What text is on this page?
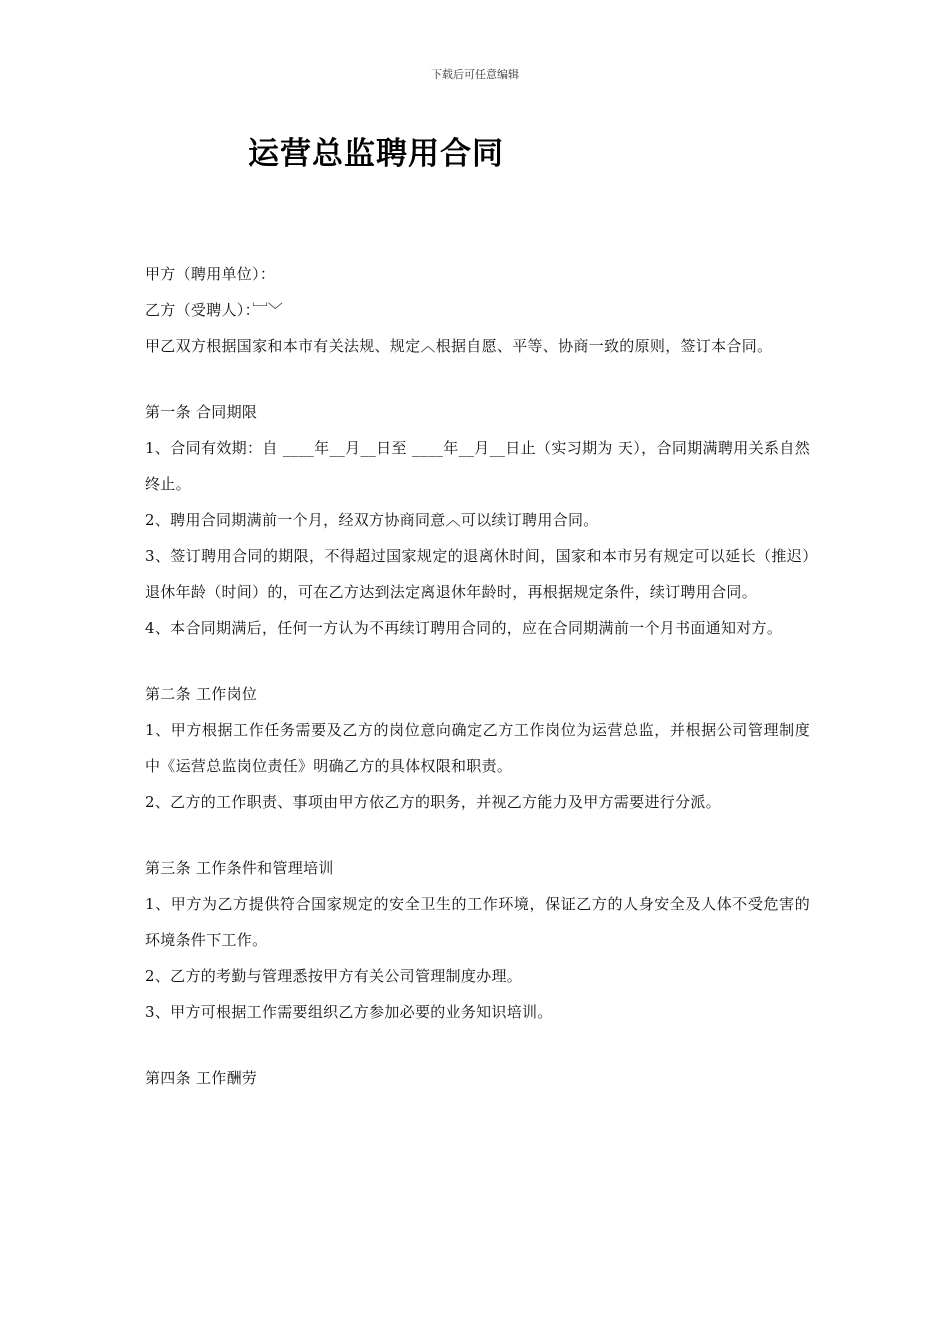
下载后可任意编辑
运营总监聘用合同
甲方（聘用单位）：
乙方（受聘人）：﹈﹀
甲乙双方根据国家和本市有关法规、规定︿根据自愿、平等、协商一致的原则，签订本合同。
第一条 合同期限
1、合同有效期：自 ____年__月__日至 ____年__月__日止（实习期为 天），合同期满聘用关系自然终止。
2、聘用合同期满前一个月，经双方协商同意︿可以续订聘用合同。
3、签订聘用合同的期限，不得超过国家规定的退离休时间，国家和本市另有规定可以延长（推迟）退休年龄（时间）的，可在乙方达到法定离退休年龄时，再根据规定条件，续订聘用合同。
4、本合同期满后，任何一方认为不再续订聘用合同的，应在合同期满前一个月书面通知对方。
第二条 工作岗位
1、甲方根据工作任务需要及乙方的岗位意向确定乙方工作岗位为运营总监，并根据公司管理制度中《运营总监岗位责任》明确乙方的具体权限和职责。
2、乙方的工作职责、事项由甲方依乙方的职务，并视乙方能力及甲方需要进行分派。
第三条 工作条件和管理培训
1、甲方为乙方提供符合国家规定的安全卫生的工作环境，保证乙方的人身安全及人体不受危害的环境条件下工作。
2、乙方的考勤与管理悉按甲方有关公司管理制度办理。
3、甲方可根据工作需要组织乙方参加必要的业务知识培训。
第四条 工作酬劳
